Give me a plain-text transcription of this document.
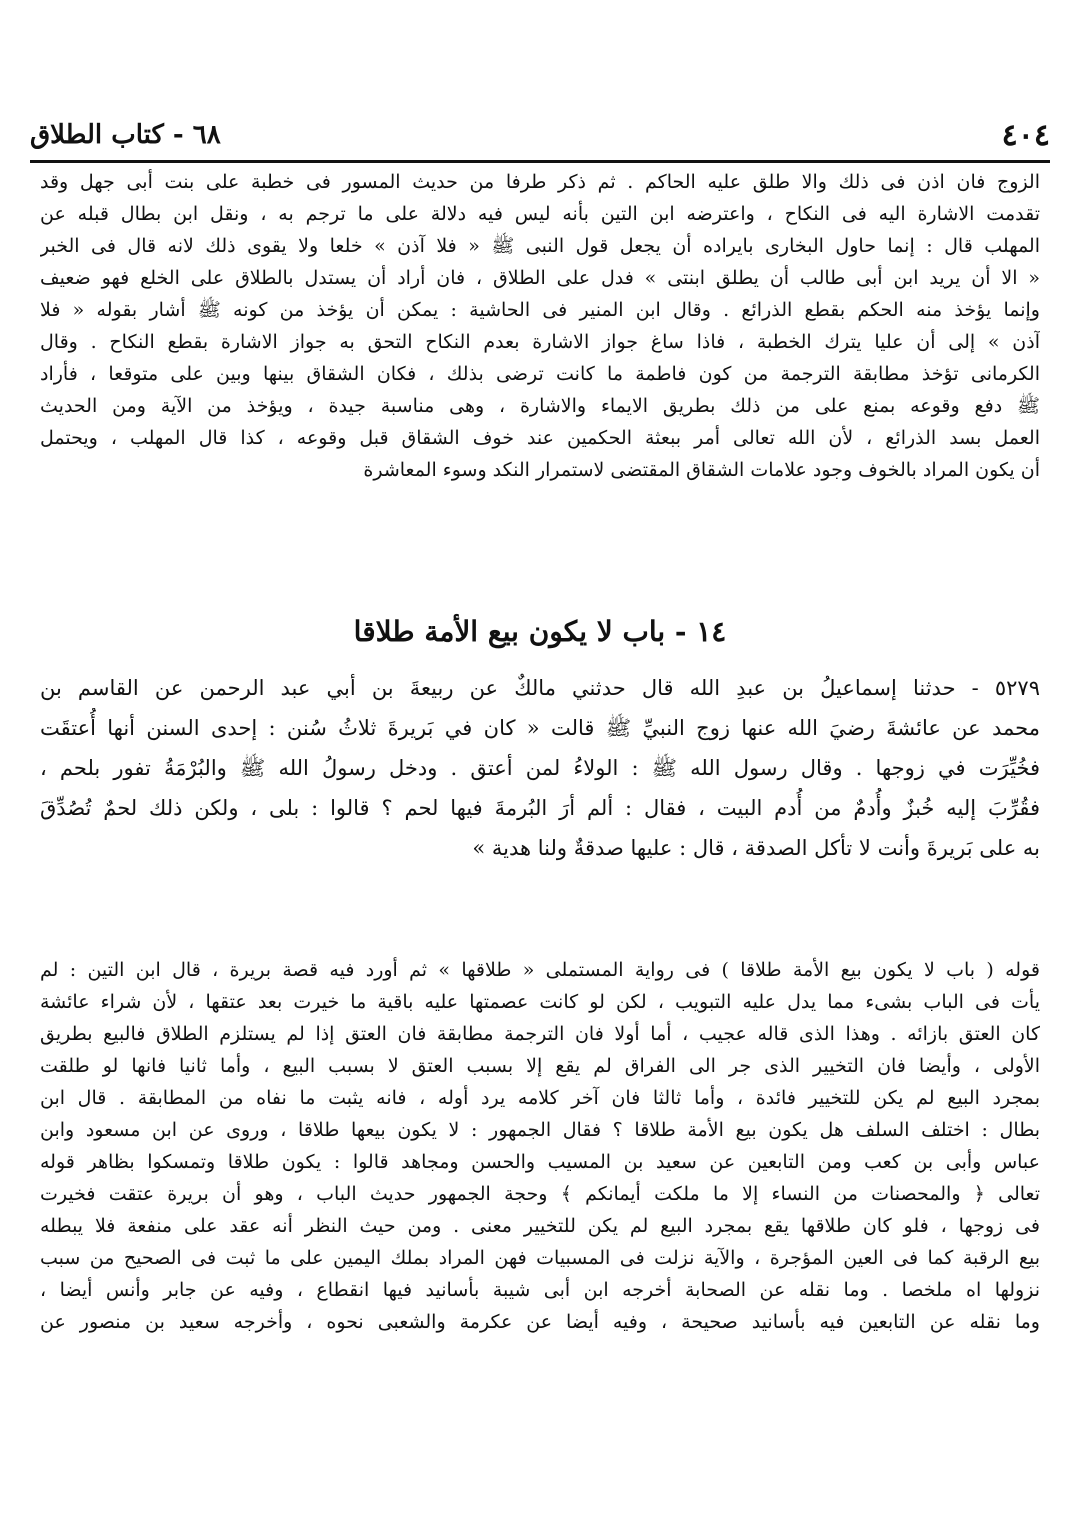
٤٠٤
٦٨ - كتاب الطلاق
الزوج فان اذن فى ذلك والا طلق عليه الحاكم . ثم ذكر طرفا من حديث المسور فى خطبة على بنت أبى جهل وقد
تقدمت الاشارة اليه فى النكاح ، واعترضه ابن التين بأنه ليس فيه دلالة على ما ترجم به ، ونقل ابن بطال قبله عن
المهلب قال : إنما حاول البخارى بايراده أن يجعل قول النبى ﷺ « فلا آذن » خلعا ولا يقوى ذلك لانه قال فى الخبر
« الا أن يريد ابن أبى طالب أن يطلق ابنتى » فدل على الطلاق ، فان أراد أن يستدل بالطلاق على الخلع فهو ضعيف
وإنما يؤخذ منه الحكم بقطع الذرائع . وقال ابن المنير فى الحاشية : يمكن أن يؤخذ من كونه ﷺ أشار بقوله « فلا
آذن » إلى أن عليا يترك الخطبة ، فاذا ساغ جواز الاشارة بعدم النكاح التحق به جواز الاشارة بقطع النكاح . وقال
الكرمانى تؤخذ مطابقة الترجمة من كون فاطمة ما كانت ترضى بذلك ، فكان الشقاق بينها وبين على متوقعا ، فأراد
ﷺ دفع وقوعه بمنع على من ذلك بطريق الايماء والاشارة ، وهى مناسبة جيدة ، ويؤخذ من الآية ومن الحديث
العمل بسد الذرائع ، لأن الله تعالى أمر ببعثة الحكمين عند خوف الشقاق قبل وقوعه ، كذا قال المهلب ، ويحتمل
أن يكون المراد بالخوف وجود علامات الشقاق المقتضى لاستمرار النكد وسوء المعاشرة
١٤ - باب لا يكون بيع الأمة طلاقا
٥٢٧٩ - حدثنا إسماعيلُ بن عبدِ الله قال حدثني مالكٌ عن ربيعةَ بن أبي عبد الرحمن عن القاسم بن
محمد عن عائشةَ رضيَ الله عنها زوج النبيِّ ﷺ قالت « كان في بَريرةَ ثلاثُ سُنن : إحدى السنن أنها أُعتقَت
فخُيِّرَت في زوجها . وقال رسول الله ﷺ : الولاءُ لمن أعتق . ودخل رسولُ الله ﷺ والبُرْمَةُ تفور بلحم ،
فقُرِّبَ إليه خُبزٌ وأُدمٌ من أُدم البيت ، فقال : ألم أرَ البُرمةَ فيها لحم ؟ قالوا : بلى ، ولكن ذلك لحمٌ تُصُدِّقَ
به على بَريرةَ وأنت لا تأكل الصدقة ، قال : عليها صدقةٌ ولنا هدية »
قوله ( باب لا يكون بيع الأمة طلاقا ) فى رواية المستملى « طلاقها » ثم أورد فيه قصة بريرة ، قال ابن التين : لم
يأت فى الباب بشىء مما يدل عليه التبويب ، لكن لو كانت عصمتها عليه باقية ما خيرت بعد عتقها ، لأن شراء عائشة
كان العتق بازائه . وهذا الذى قاله عجيب ، أما أولا فان الترجمة مطابقة فان العتق إذا لم يستلزم الطلاق فالبيع بطريق
الأولى ، وأيضا فان التخيير الذى جر الى الفراق لم يقع إلا بسبب العتق لا بسبب البيع ، وأما ثانيا فانها لو طلقت
بمجرد البيع لم يكن للتخيير فائدة ، وأما ثالثا فان آخر كلامه يرد أوله ، فانه يثبت ما نفاه من المطابقة . قال ابن
بطال : اختلف السلف هل يكون بيع الأمة طلاقا ؟ فقال الجمهور : لا يكون بيعها طلاقا ، وروى عن ابن مسعود وابن
عباس وأبى بن كعب ومن التابعين عن سعيد بن المسيب والحسن ومجاهد قالوا : يكون طلاقا وتمسكوا بظاهر قوله
تعالى ﴿ والمحصنات من النساء إلا ما ملكت أيمانكم ﴾ وحجة الجمهور حديث الباب ، وهو أن بريرة عتقت فخيرت
فى زوجها ، فلو كان طلاقها يقع بمجرد البيع لم يكن للتخيير معنى . ومن حيث النظر أنه عقد على منفعة فلا يبطله
بيع الرقبة كما فى العين المؤجرة ، والآية نزلت فى المسبيات فهن المراد بملك اليمين على ما ثبت فى الصحيح من سبب
نزولها اه ملخصا . وما نقله عن الصحابة أخرجه ابن أبى شيبة بأسانيد فيها انقطاع ، وفيه عن جابر وأنس أيضا ،
وما نقله عن التابعين فيه بأسانيد صحيحة ، وفيه أيضا عن عكرمة والشعبى نحوه ، وأخرجه سعيد بن منصور عن
